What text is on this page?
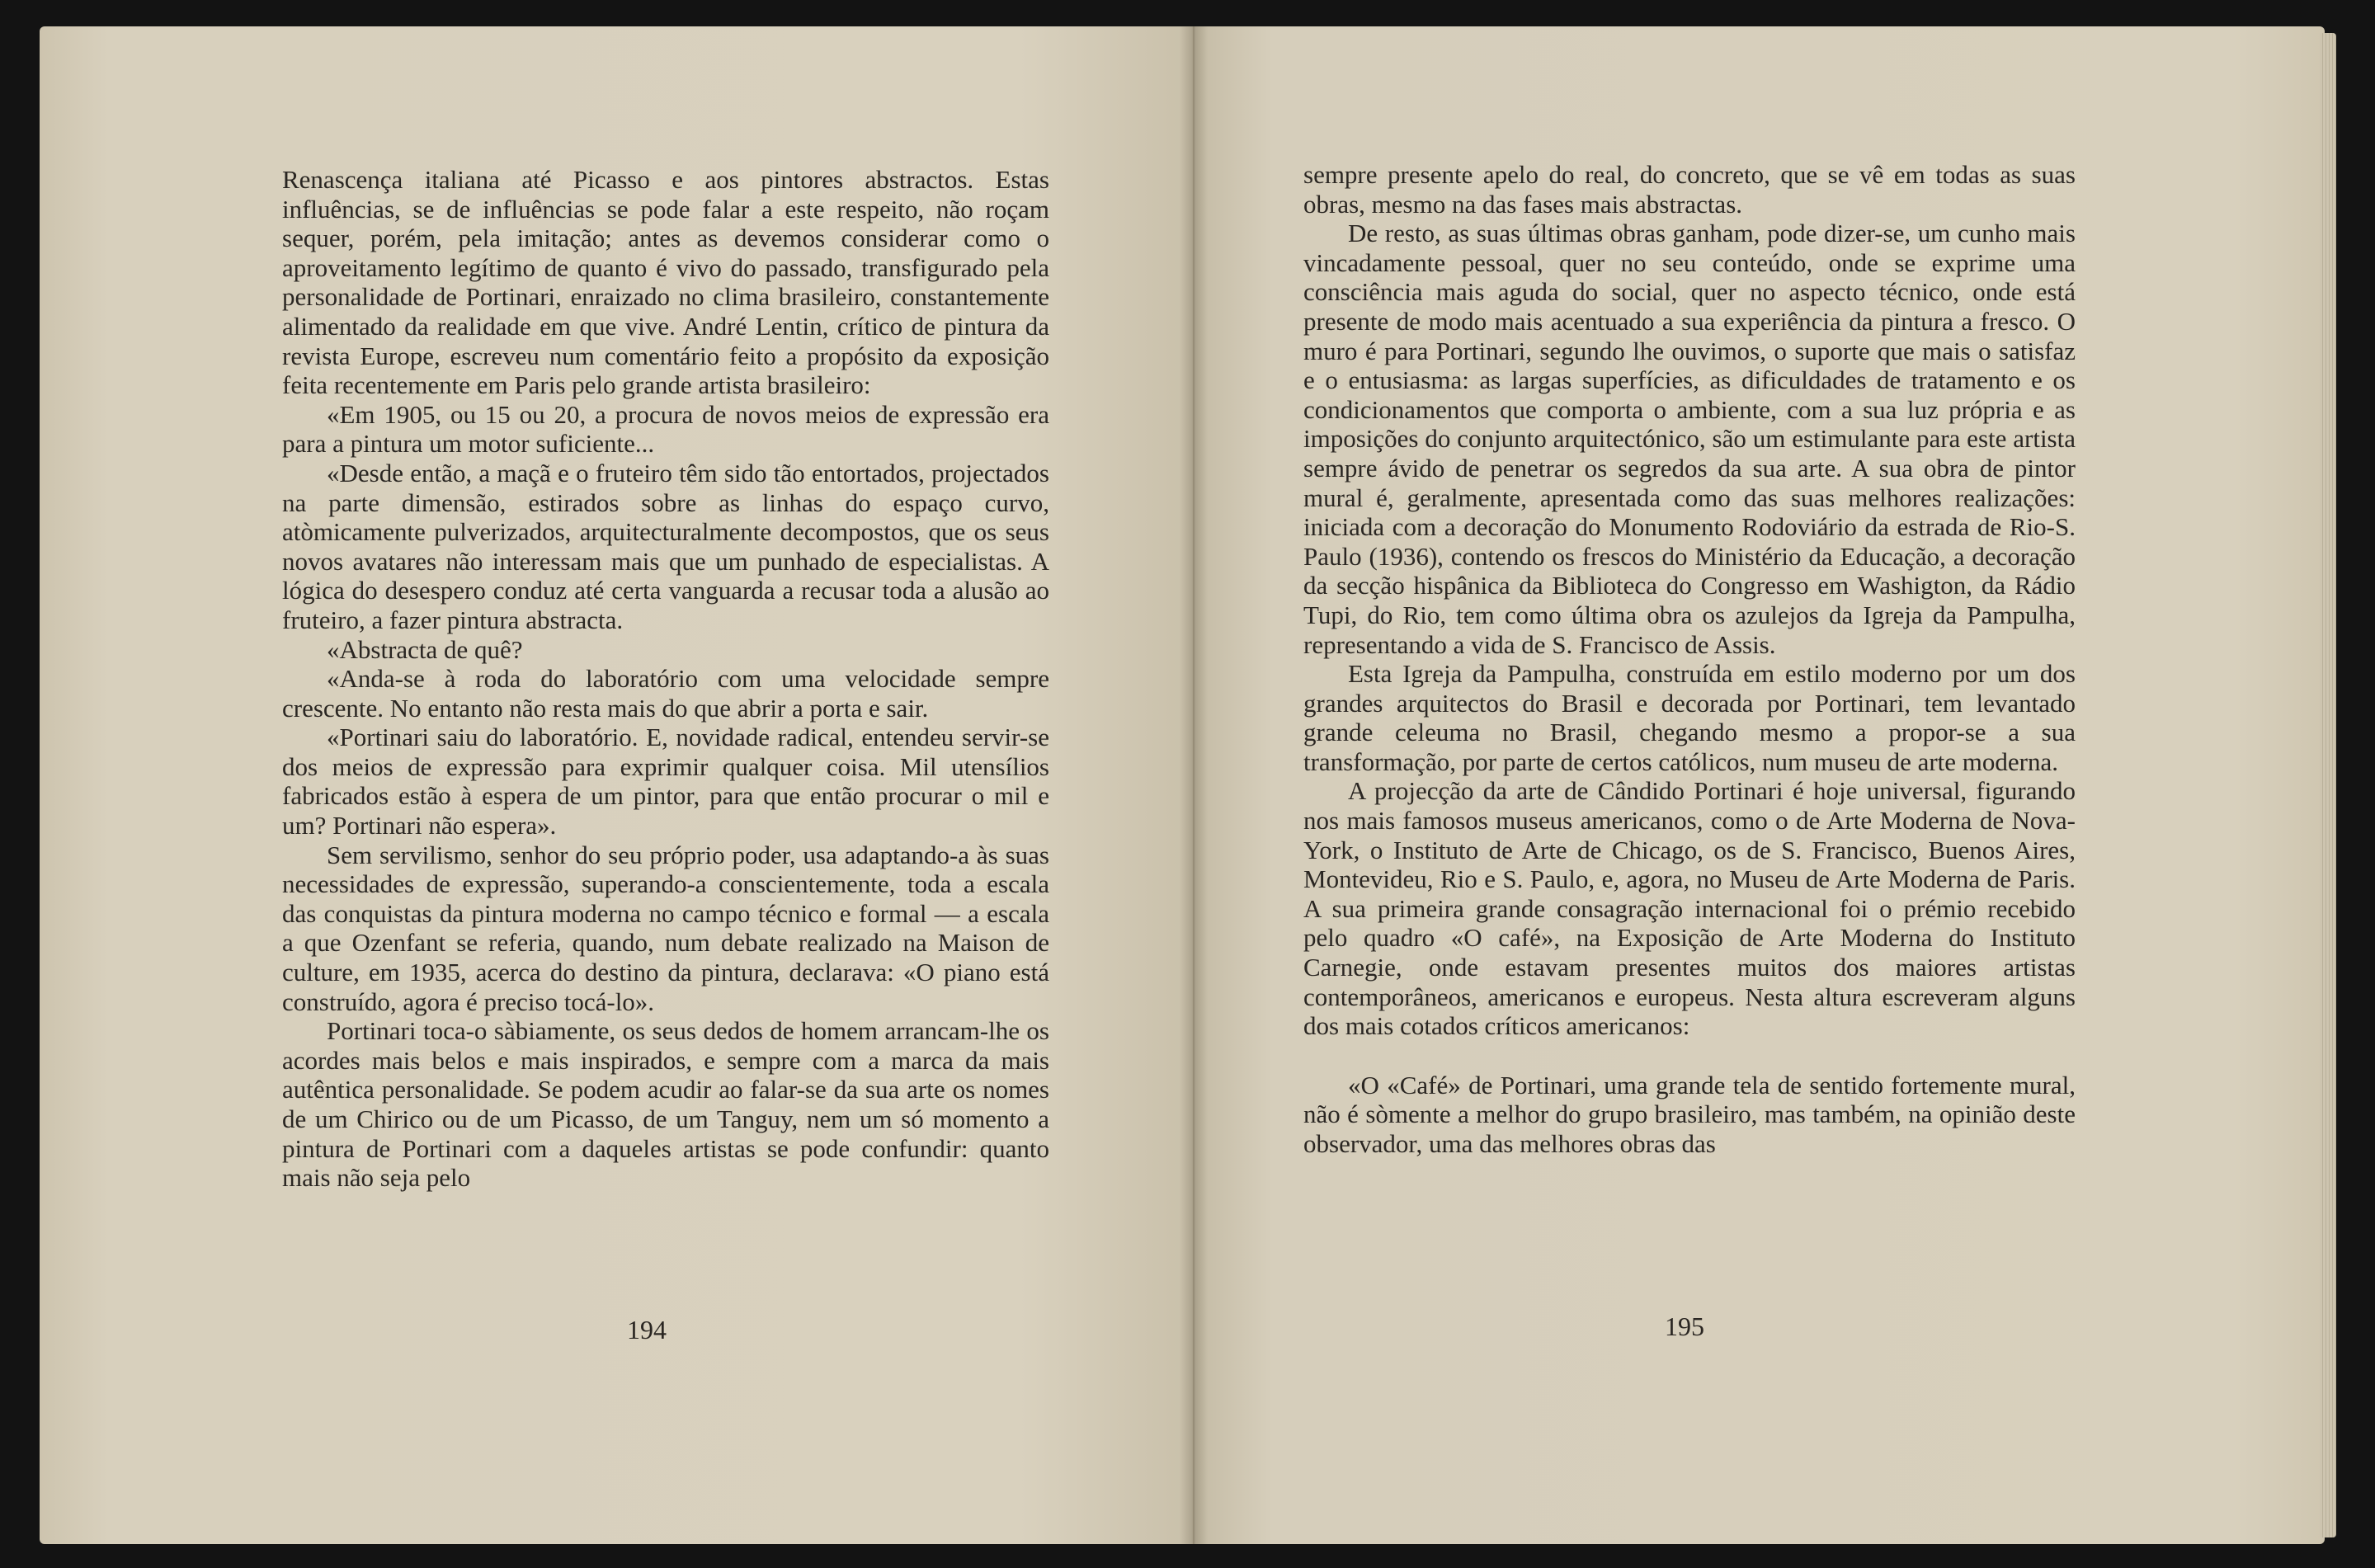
Renascença italiana até Picasso e aos pintores abstractos. Estas influências, se de influências se pode falar a este respeito, não roçam sequer, porém, pela imitação; antes as devemos considerar como o aproveitamento legítimo de quanto é vivo do passado, transfigurado pela personalidade de Portinari, enraizado no clima brasileiro, constantemente alimentado da realidade em que vive. André Lentin, crítico de pintura da revista Europe, escreveu num comentário feito a propósito da exposição feita recentemente em Paris pelo grande artista brasileiro:

«Em 1905, ou 15 ou 20, a procura de novos meios de expressão era para a pintura um motor suficiente...

«Desde então, a maçã e o fruteiro têm sido tão entortados, projectados na parte dimensão, estirados sobre as linhas do espaço curvo, atòmicamente pulverizados, arquitecturalmente decompostos, que os seus novos avatares não interessam mais que um punhado de especialistas. A lógica do desespero conduz até certa vanguarda a recusar toda a alusão ao fruteiro, a fazer pintura abstracta.

«Abstracta de quê?

«Anda-se à roda do laboratório com uma velocidade sempre crescente. No entanto não resta mais do que abrir a porta e sair.

«Portinari saiu do laboratório. E, novidade radical, entendeu servir-se dos meios de expressão para exprimir qualquer coisa. Mil utensílios fabricados estão à espera de um pintor, para que então procurar o mil e um? Portinari não espera».

Sem servilismo, senhor do seu próprio poder, usa adaptando-a às suas necessidades de expressão, superando-a conscientemente, toda a escala das conquistas da pintura moderna no campo técnico e formal — a escala a que Ozenfant se referia, quando, num debate realizado na Maison de culture, em 1935, acerca do destino da pintura, declarava: «O piano está construído, agora é preciso tocá-lo».

Portinari toca-o sàbiamente, os seus dedos de homem arrancam-lhe os acordes mais belos e mais inspirados, e sempre com a marca da mais autêntica personalidade. Se podem acudir ao falar-se da sua arte os nomes de um Chirico ou de um Picasso, de um Tanguy, nem um só momento a pintura de Portinari com a daqueles artistas se pode confundir: quanto mais não seja pelo

194

sempre presente apelo do real, do concreto, que se vê em todas as suas obras, mesmo na das fases mais abstractas.

De resto, as suas últimas obras ganham, pode dizer-se, um cunho mais vincadamente pessoal, quer no seu conteúdo, onde se exprime uma consciência mais aguda do social, quer no aspecto técnico, onde está presente de modo mais acentuado a sua experiência da pintura a fresco. O muro é para Portinari, segundo lhe ouvimos, o suporte que mais o satisfaz e o entusiasma: as largas superfícies, as dificuldades de tratamento e os condicionamentos que comporta o ambiente, com a sua luz própria e as imposições do conjunto arquitectónico, são um estimulante para este artista sempre ávido de penetrar os segredos da sua arte. A sua obra de pintor mural é, geralmente, apresentada como das suas melhores realizações: iniciada com a decoração do Monumento Rodoviário da estrada de Rio-S. Paulo (1936), contendo os frescos do Ministério da Educação, a decoração da secção hispânica da Biblioteca do Congresso em Washigton, da Rádio Tupi, do Rio, tem como última obra os azulejos da Igreja da Pampulha, representando a vida de S. Francisco de Assis.

Esta Igreja da Pampulha, construída em estilo moderno por um dos grandes arquitectos do Brasil e decorada por Portinari, tem levantado grande celeuma no Brasil, chegando mesmo a propor-se a sua transformação, por parte de certos católicos, num museu de arte moderna.

A projecção da arte de Cândido Portinari é hoje universal, figurando nos mais famosos museus americanos, como o de Arte Moderna de Nova-York, o Instituto de Arte de Chicago, os de S. Francisco, Buenos Aires, Montevideu, Rio e S. Paulo, e, agora, no Museu de Arte Moderna de Paris. A sua primeira grande consagração internacional foi o prémio recebido pelo quadro «O café», na Exposição de Arte Moderna do Instituto Carnegie, onde estavam presentes muitos dos maiores artistas contemporâneos, americanos e europeus. Nesta altura escreveram alguns dos mais cotados críticos americanos:

«O «Café» de Portinari, uma grande tela de sentido fortemente mural, não é sòmente a melhor do grupo brasileiro, mas também, na opinião deste observador, uma das melhores obras das

195
